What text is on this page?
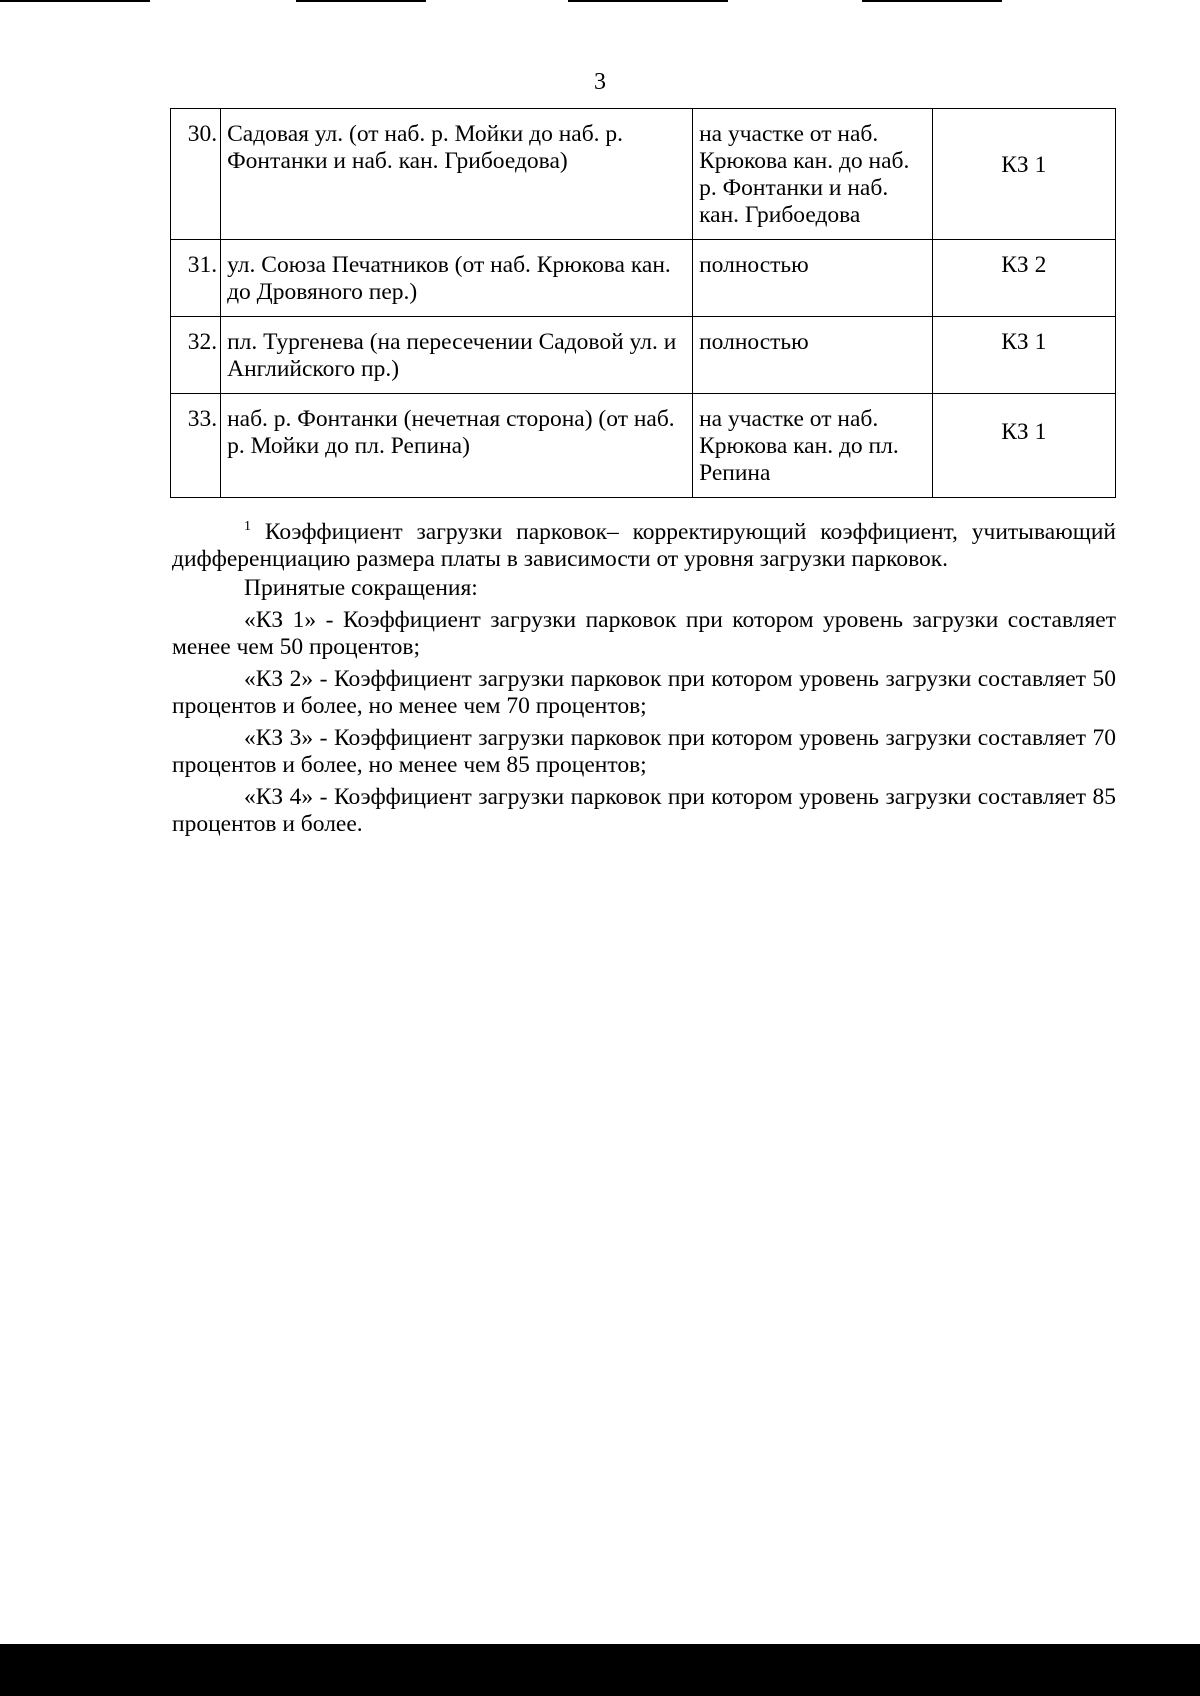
3
30.	Садовая ул. (от наб. р. Мойки до наб. р. Фонтанки и наб. кан. Грибоедова)	на участке от наб. Крюкова кан. до наб. р. Фонтанки и наб. кан. Грибоедова	КЗ 1
31.	ул. Союза Печатников (от наб. Крюкова кан. до Дровяного пер.)	полностью	КЗ 2
32.	пл. Тургенева (на пересечении Садовой ул. и Английского пр.)	полностью	КЗ 1
33.	наб. р. Фонтанки (нечетная сторона) (от наб. р. Мойки до пл. Репина)	на участке от наб. Крюкова кан. до пл. Репина	КЗ 1

$^1$ Коэффициент загрузки парковок– корректирующий коэффициент, учитывающий дифференциацию размера платы в зависимости от уровня загрузки парковок.

Принятые сокращения:

«КЗ 1» - Коэффициент загрузки парковок при котором уровень загрузки составляет менее чем 50 процентов;

«КЗ 2» - Коэффициент загрузки парковок при котором уровень загрузки составляет 50 процентов и более, но менее чем 70 процентов;

«КЗ 3» - Коэффициент загрузки парковок при котором уровень загрузки составляет 70 процентов и более, но менее чем 85 процентов;

«КЗ 4» - Коэффициент загрузки парковок при котором уровень загрузки составляет 85 процентов и более.
